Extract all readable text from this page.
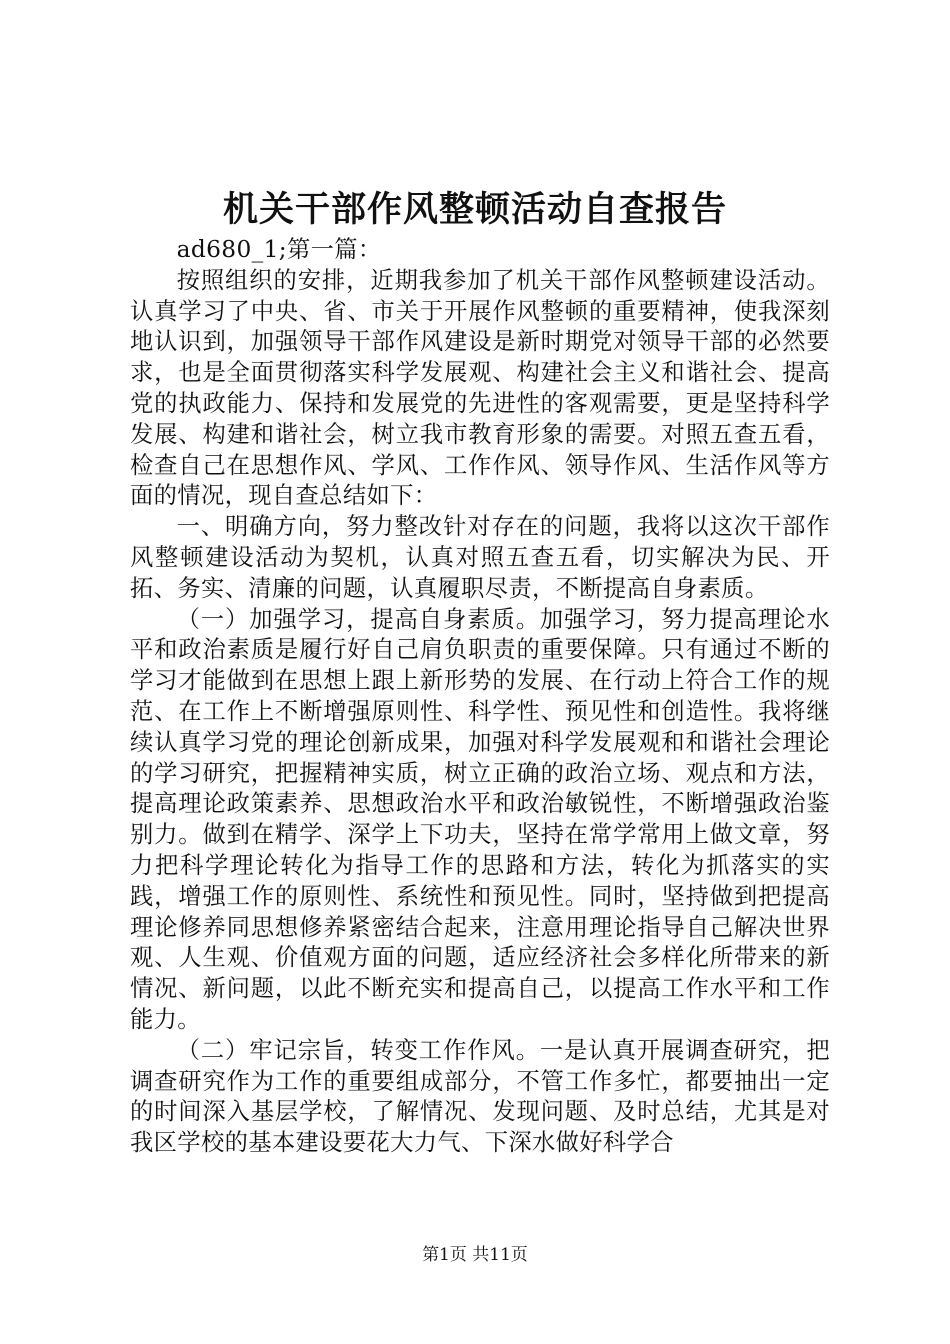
机关干部作风整顿活动自查报告

ad680_1;第一篇：

按照组织的安排，近期我参加了机关干部作风整顿建设活动。认真学习了中央、省、市关于开展作风整顿的重要精神，使我深刻地认识到，加强领导干部作风建设是新时期党对领导干部的必然要求，也是全面贯彻落实科学发展观、构建社会主义和谐社会、提高党的执政能力、保持和发展党的先进性的客观需要，更是坚持科学发展、构建和谐社会，树立我市教育形象的需要。对照五查五看，检查自己在思想作风、学风、工作作风、领导作风、生活作风等方面的情况，现自查总结如下：

一、明确方向，努力整改针对存在的问题，我将以这次干部作风整顿建设活动为契机，认真对照五查五看，切实解决为民、开拓、务实、清廉的问题，认真履职尽责，不断提高自身素质。

（一）加强学习，提高自身素质。加强学习，努力提高理论水平和政治素质是履行好自己肩负职责的重要保障。只有通过不断的学习才能做到在思想上跟上新形势的发展、在行动上符合工作的规范、在工作上不断增强原则性、科学性、预见性和创造性。我将继续认真学习党的理论创新成果，加强对科学发展观和和谐社会理论的学习研究，把握精神实质，树立正确的政治立场、观点和方法，提高理论政策素养、思想政治水平和政治敏锐性，不断增强政治鉴别力。做到在精学、深学上下功夫，坚持在常学常用上做文章，努力把科学理论转化为指导工作的思路和方法，转化为抓落实的实践，增强工作的原则性、系统性和预见性。同时，坚持做到把提高理论修养同思想修养紧密结合起来，注意用理论指导自己解决世界观、人生观、价值观方面的问题，适应经济社会多样化所带来的新情况、新问题，以此不断充实和提高自己，以提高工作水平和工作能力。

（二）牢记宗旨，转变工作作风。一是认真开展调查研究，把调查研究作为工作的重要组成部分，不管工作多忙，都要抽出一定的时间深入基层学校，了解情况、发现问题、及时总结，尤其是对我区学校的基本建设要花大力气、下深水做好科学合

第1页 共11页
